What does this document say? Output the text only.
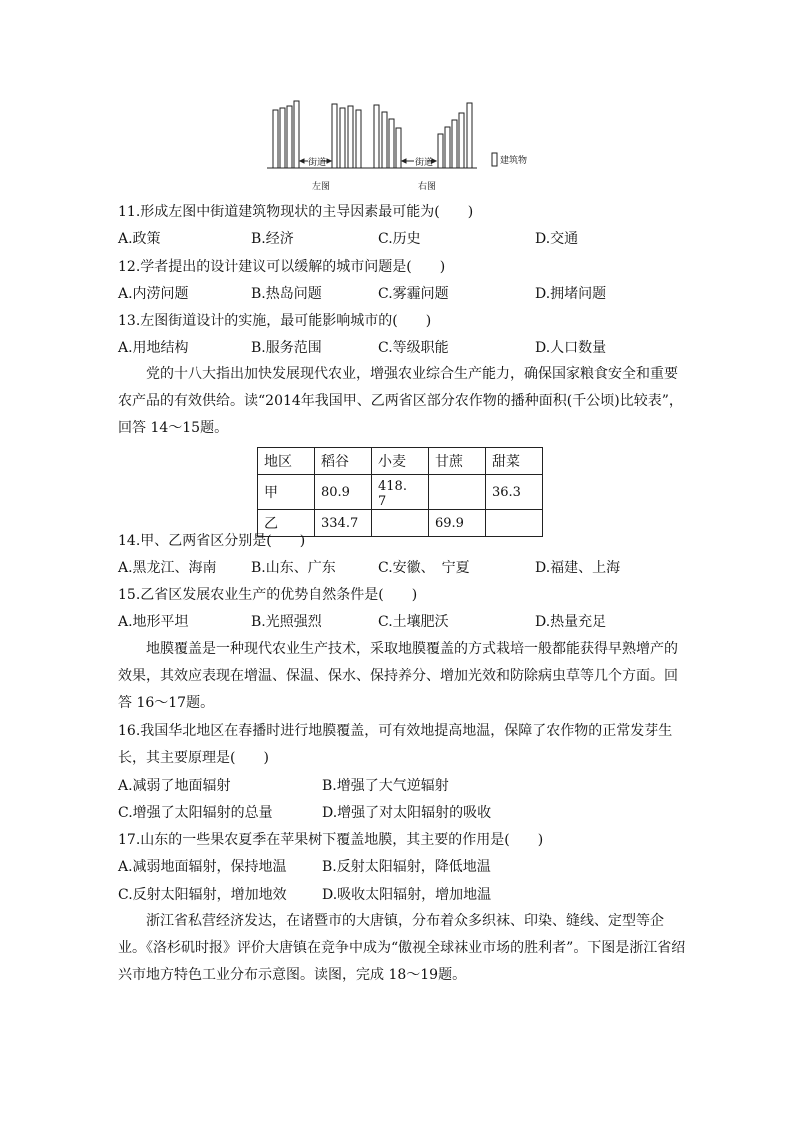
街道	街道	建筑物
左图	右图
11.形成左图中街道建筑物现状的主导因素最可能为(　　)
A.政策	B.经济	C.历史	D.交通
12.学者提出的设计建议可以缓解的城市问题是(　　)
A.内涝问题	B.热岛问题	C.雾霾问题	D.拥堵问题
13.左图街道设计的实施，最可能影响城市的(　　)
A.用地结构	B.服务范围	C.等级职能	D.人口数量
党的十八大指出加快发展现代农业，增强农业综合生产能力，确保国家粮食安全和重要农产品的有效供给。读“2014年我国甲、乙两省区部分农作物的播种面积(千公顷)比较表”，回答 14～15题。
地区	稻谷	小麦	甘蔗	甜菜
甲	80.9	418.　7		36.3
乙	334.7		69.9	
14.甲、乙两省区分别是(　　)
A.黑龙江、海南 B.山东、广东	C.安徽、　宁夏	D.福建、上海
15.乙省区发展农业生产的优势自然条件是(　　)
A.地形平坦	B.光照强烈	C.土壤肥沃	D.热量充足
地膜覆盖是一种现代农业生产技术，采取地膜覆盖的方式栽培一般都能获得早熟增产的效果，其效应表现在增温、保温、保水、保持养分、增加光效和防除病虫草等几个方面。回答 16～17题。
16.我国华北地区在春播时进行地膜覆盖，可有效地提高地温，保障了农作物的正常发芽生长，其主要原理是(　　)
A.减弱了地面辐射	B.增强了大气逆辐射
C.增强了太阳辐射的总量	D.增强了对太阳辐射的吸收
17.山东的一些果农夏季在苹果树下覆盖地膜，其主要的作用是(　　)
A.减弱地面辐射，保持地温	B.反射太阳辐射，降低地温
C.反射太阳辐射，增加地效	D.吸收太阳辐射，增加地温
浙江省私营经济发达，在诸暨市的大唐镇，分布着众多织袜、印染、缝线、定型等企业。《洛杉矶时报》评价大唐镇在竞争中成为“傲视全球袜业市场的胜利者”。下图是浙江省绍兴市地方特色工业分布示意图。读图，完成 18～19题。
